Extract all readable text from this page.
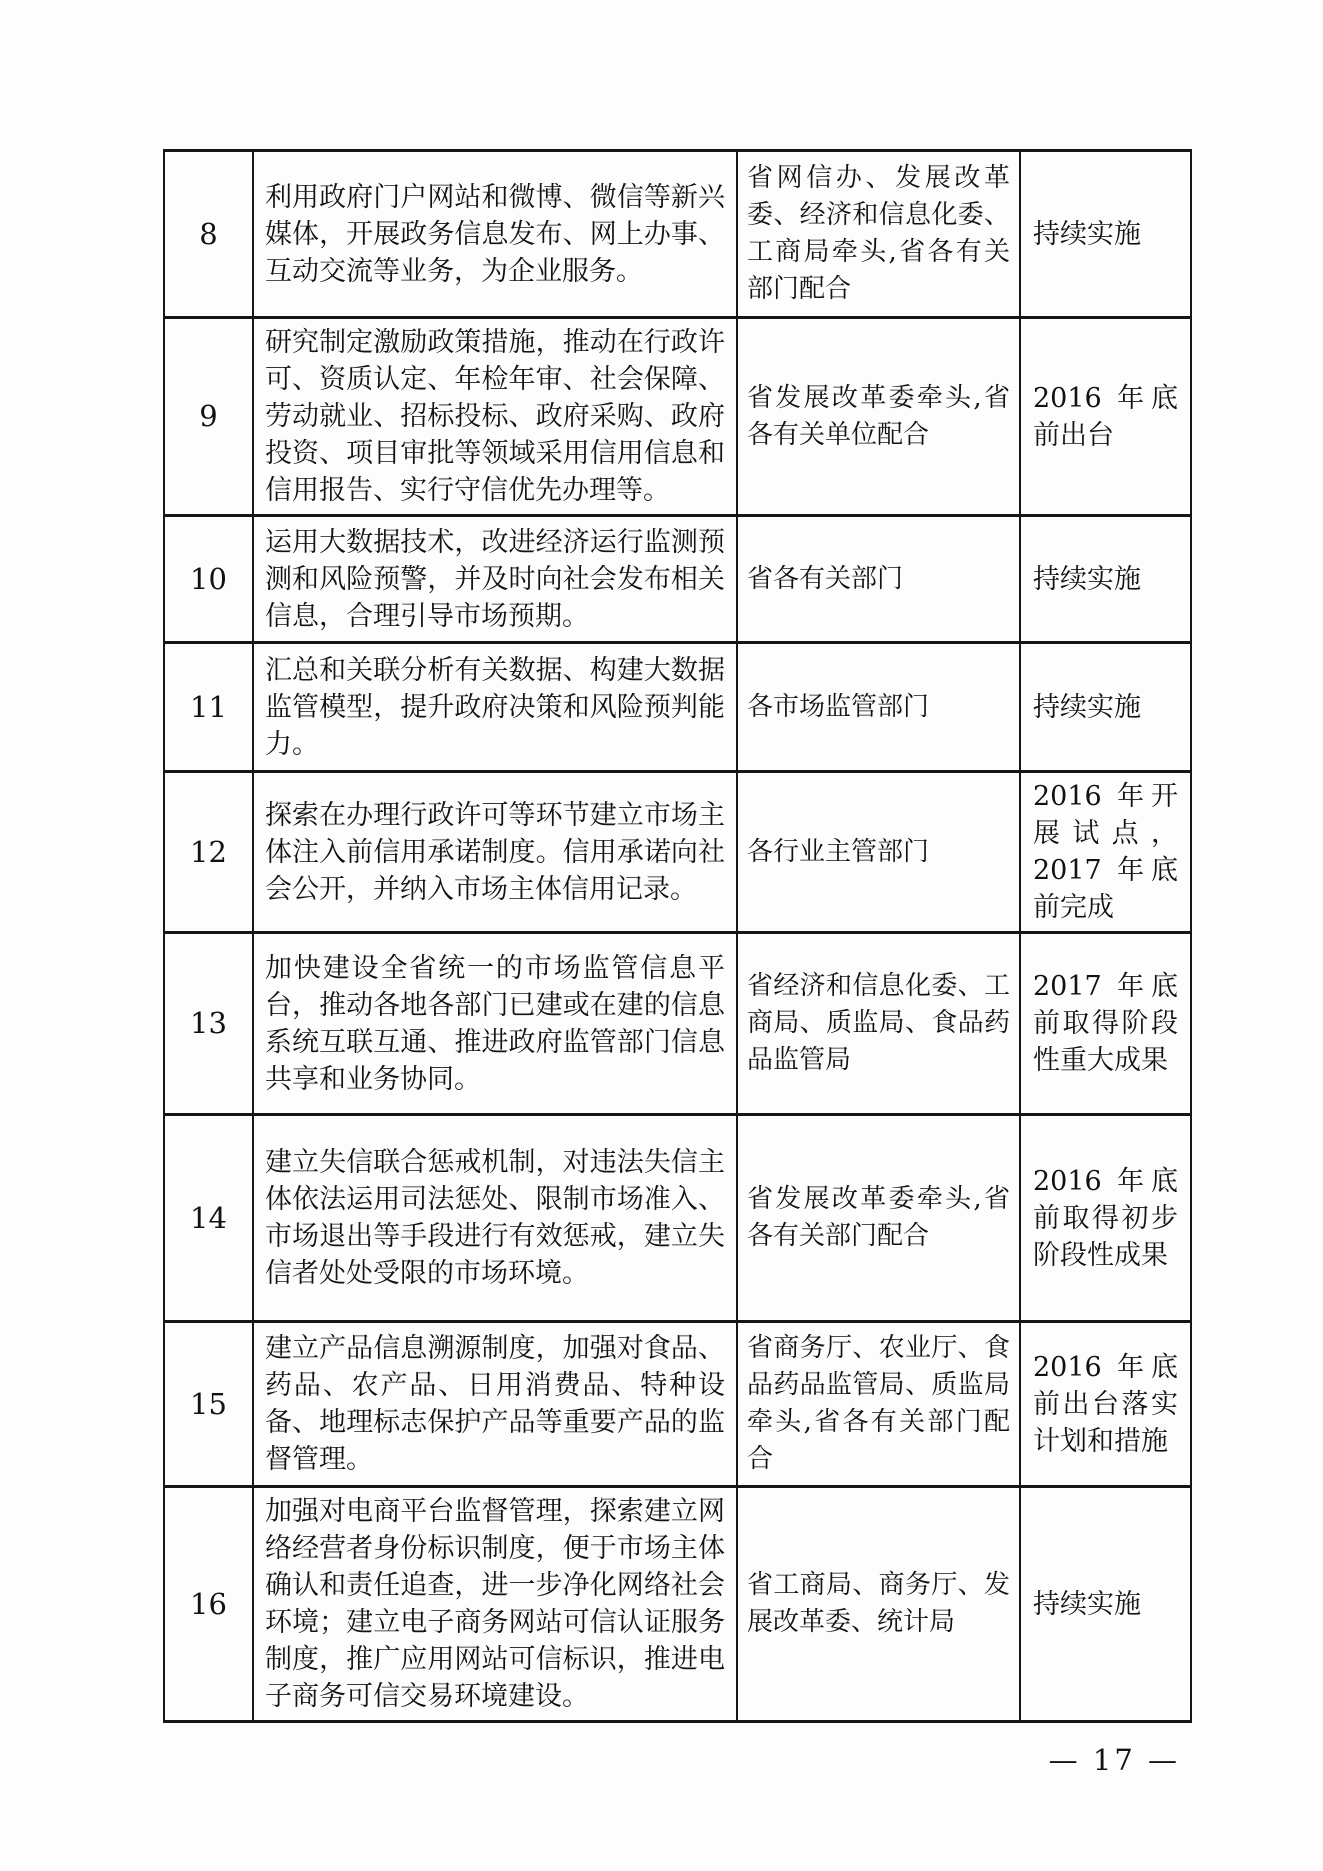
8	利用政府门户网站和微博、微信等新兴媒体，开展政务信息发布、网上办事、互动交流等业务，为企业服务。	省网信办、发展改革委、经济和信息化委、工商局牵头,省各有关部门配合	持续实施
9	研究制定激励政策措施，推动在行政许可、资质认定、年检年审、社会保障、劳动就业、招标投标、政府采购、政府投资、项目审批等领域采用信用信息和信用报告、实行守信优先办理等。	省发展改革委牵头,省各有关单位配合	2016 年底前出台
10	运用大数据技术，改进经济运行监测预测和风险预警，并及时向社会发布相关信息，合理引导市场预期。	省各有关部门	持续实施
11	汇总和关联分析有关数据、构建大数据监管模型，提升政府决策和风险预判能力。	各市场监管部门	持续实施
12	探索在办理行政许可等环节建立市场主体注入前信用承诺制度。信用承诺向社会公开，并纳入市场主体信用记录。	各行业主管部门	2016 年开展试点，2017 年底前完成
13	加快建设全省统一的市场监管信息平台，推动各地各部门已建或在建的信息系统互联互通、推进政府监管部门信息共享和业务协同。	省经济和信息化委、工商局、质监局、食品药品监管局	2017 年底前取得阶段性重大成果
14	建立失信联合惩戒机制，对违法失信主体依法运用司法惩处、限制市场准入、市场退出等手段进行有效惩戒，建立失信者处处受限的市场环境。	省发展改革委牵头,省各有关部门配合	2016 年底前取得初步阶段性成果
15	建立产品信息溯源制度，加强对食品、药品、农产品、日用消费品、特种设备、地理标志保护产品等重要产品的监督管理。	省商务厅、农业厅、食品药品监管局、质监局牵头,省各有关部门配合	2016 年底前出台落实计划和措施
16	加强对电商平台监督管理，探索建立网络经营者身份标识制度，便于市场主体确认和责任追查，进一步净化网络社会环境；建立电子商务网站可信认证服务制度，推广应用网站可信标识，推进电子商务可信交易环境建设。	省工商局、商务厅、发展改革委、统计局	持续实施
— 17 —
